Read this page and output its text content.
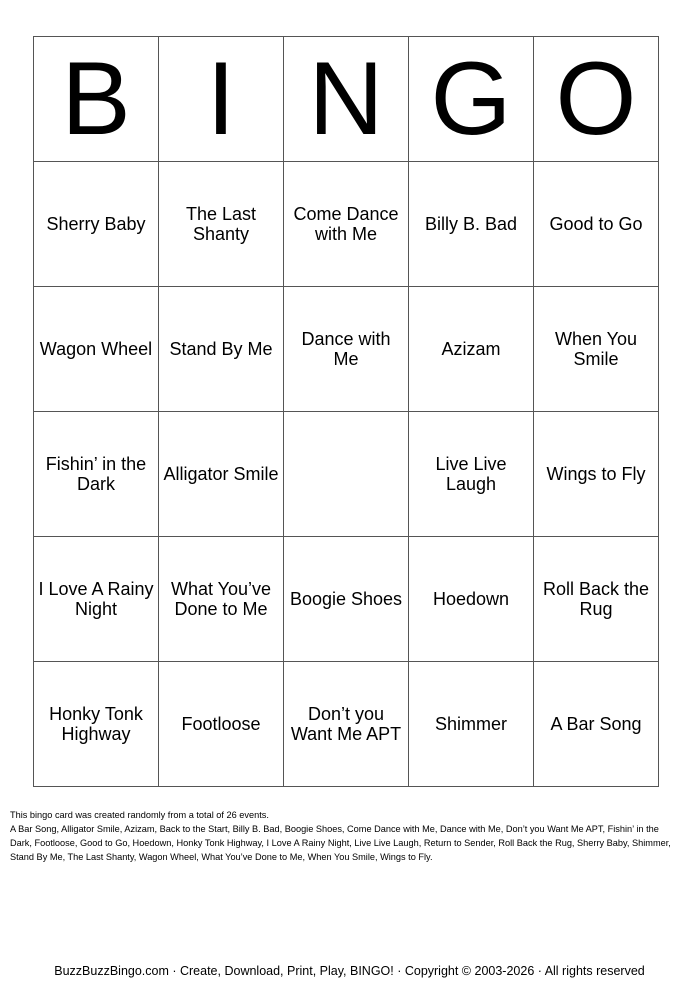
B	I	N	G	O
Sherry Baby	The Last Shanty	Come Dance with Me	Billy B. Bad	Good to Go
Wagon Wheel	Stand By Me	Dance with Me	Azizam	When You Smile
Fishin’ in the Dark	Alligator Smile		Live Live Laugh	Wings to Fly
I Love A Rainy Night	What You’ve Done to Me	Boogie Shoes	Hoedown	Roll Back the Rug
Honky Tonk Highway	Footloose	Don’t you Want Me APT	Shimmer	A Bar Song

This bingo card was created randomly from a total of 26 events.

A Bar Song, Alligator Smile, Azizam, Back to the Start, Billy B. Bad, Boogie Shoes, Come Dance with Me, Dance with Me, Don’t you Want Me APT, Fishin’ in the Dark, Footloose, Good to Go, Hoedown, Honky Tonk Highway, I Love A Rainy Night, Live Live Laugh, Return to Sender, Roll Back the Rug, Sherry Baby, Shimmer, Stand By Me, The Last Shanty, Wagon Wheel, What You’ve Done to Me, When You Smile, Wings to Fly.

BuzzBuzzBingo.com · Create, Download, Print, Play, BINGO! · Copyright © 2003-2026 · All rights reserved
